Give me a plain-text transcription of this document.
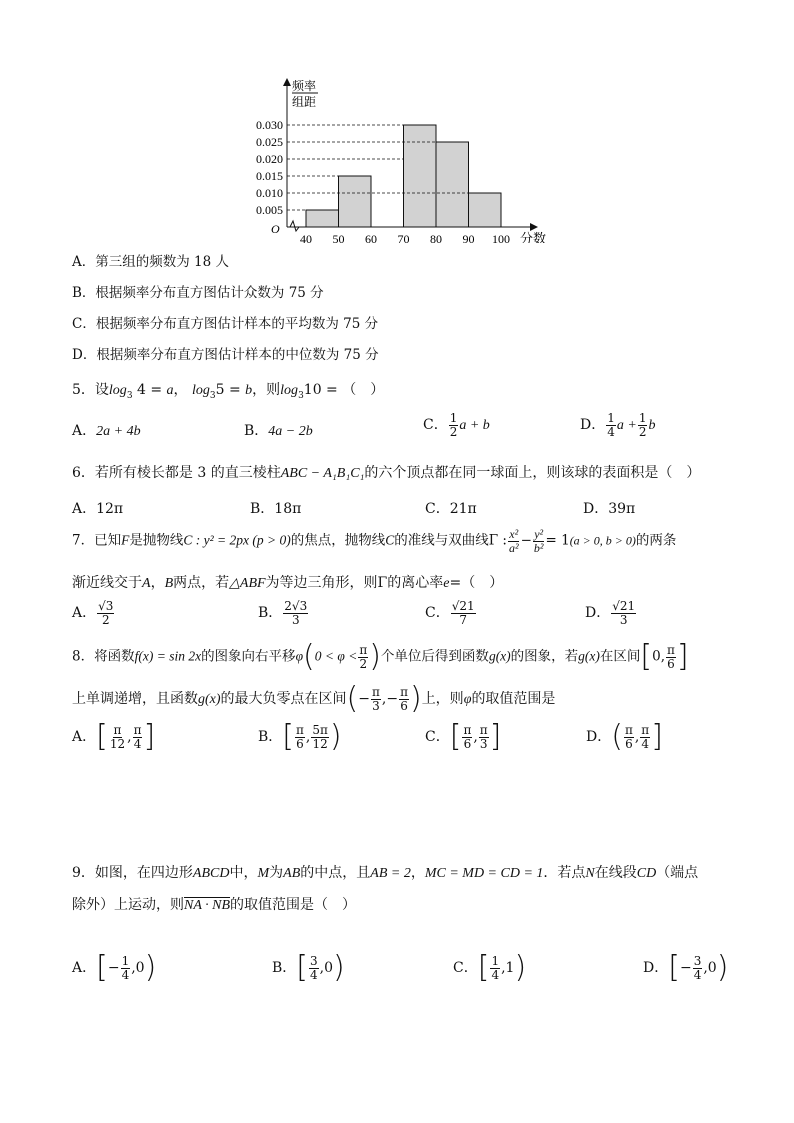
频率
组距
O
0.005
0.010
0.015
0.020
0.025
0.030
40 50 60 70 80 90 100 分数
A．第三组的频数为 18 人
B．根据频率分布直方图估计众数为 75 分
C．根据频率分布直方图估计样本的平均数为 75 分
D．根据频率分布直方图估计样本的中位数为 75 分
5．设$\log_3 4 = a$， $\log_35 = b$，则$\log_310$ = （　）
A．2a + 4b	B．4a − 2b	C． $\frac{1}{2}$ a + b	D． $\frac{1}{4}$ $a + \frac{1}{2}$ b
6．若所有棱长都是 3 的直三棱柱ABC − A₁B₁C₁的六个顶点都在同一球面上，则该球的表面积是（　）
A．12π	B．18π	C．21π	D．39π
7．已知F是抛物线C : y² = 2px (p > 0)的焦点，抛物线C的准线与双曲线Γ : $\frac{\text{x²}}{\text{a²}} - \frac{\text{y²}}{\text{b²}} = 1(a > 0$, b > 0)的两条
渐近线交于A，B两点，若△ABF为等边三角形，则Γ的离心率e=（　）
A． $\frac{√3}{2}$	B． $\frac{2√3}{3}$	C． $\frac{√21}{7}$	D． $\frac{√21}{3}$
8．将函数f(x) = sin 2x的图象向右平移$\varphi(0 < \varphi < \frac{\pi}{2}$ )个单位后得到函数g(x)的图象，若g(x)在区间[0, $\frac{\pi}{6}$ ]
上单调递增，且函数g(x)的最大负零点在区间(− $\frac{\pi}{3}$ ,− $\frac{\pi}{6}$ )上，则φ的取值范围是
A．[ $\frac{\pi}{12}$ , $\frac{\pi}{4}$ ]	B．[ $\frac{\pi}{6}$ , $\frac{5\pi}{12}$ )	C．[ $\frac{\pi}{6}$ , $\frac{\pi}{3}$ ]	D．( $\frac{\pi}{6}$ , $\frac{\pi}{4}$ ]
9．如图，在四边形ABCD中，M为AB的中点，且AB = 2，MC = MD = CD = 1．若点N在线段CD（端点
除外）上运动，则NA · NB的取值范围是（　）
A．[− $\frac{1}{4} ,0$)	B．[ $\frac{3}{4} ,0$)	C．[ $\frac{1}{4} ,1$)	D．[− $\frac{3}{4} ,0$)
